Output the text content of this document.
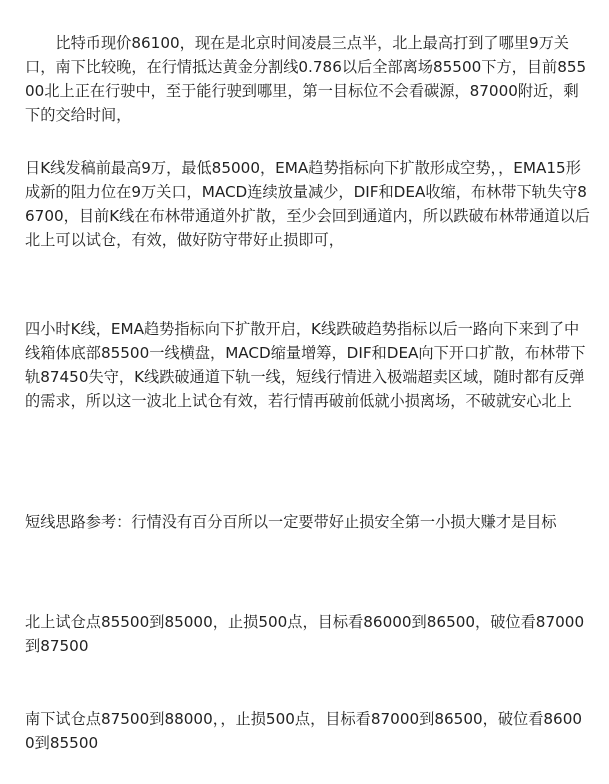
比特币现价86100，现在是北京时间凌晨三点半，北上最高打到了哪里9万关口，南下比较晚，在行情抵达黄金分割线0.786以后全部离场85500下方，目前85500北上正在行驶中，至于能行驶到哪里，第一目标位不会看碳源，87000附近，剩下的交给时间，

日K线发稿前最高9万，最低85000，EMA趋势指标向下扩散形成空势，，EMA15形成新的阻力位在9万关口，MACD连续放量减少，DIF和DEA收缩，布林带下轨失守86700，目前K线在布林带通道外扩散，至少会回到通道内，所以跌破布林带通道以后北上可以试仓，有效，做好防守带好止损即可，

四小时K线，EMA趋势指标向下扩散开启，K线跌破趋势指标以后一路向下来到了中线箱体底部85500一线横盘，MACD缩量增筹，DIF和DEA向下开口扩散，布林带下轨87450失守，K线跌破通道下轨一线，短线行情进入极端超卖区域，随时都有反弹的需求，所以这一波北上试仓有效，若行情再破前低就小损离场，不破就安心北上

短线思路参考：行情没有百分百所以一定要带好止损安全第一小损大赚才是目标

北上试仓点85500到85000，止损500点，目标看86000到86500，破位看87000到87500

南下试仓点87500到88000，，止损500点，目标看87000到86500，破位看86000到85500
